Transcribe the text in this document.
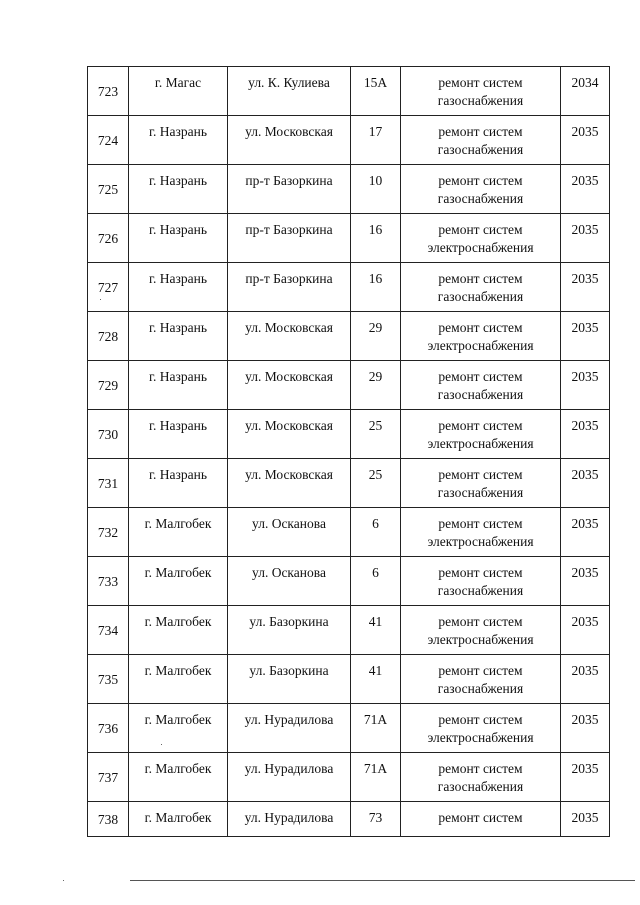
723	г. Магас	ул. К. Кулиева	15А	ремонт систем
газоснабжения	2034

724	г. Назрань	ул. Московская	17	ремонт систем
газоснабжения	2035

725	г. Назрань	пр-т Базоркина	10	ремонт систем
газоснабжения	2035

726	г. Назрань	пр-т Базоркина	16	ремонт систем
электроснабжения	2035

727	г. Назрань	пр-т Базоркина	16	ремонт систем
газоснабжения	2035

728	г. Назрань	ул. Московская	29	ремонт систем
электроснабжения	2035

729	г. Назрань	ул. Московская	29	ремонт систем
газоснабжения	2035

730	г. Назрань	ул. Московская	25	ремонт систем
электроснабжения	2035

731	г. Назрань	ул. Московская	25	ремонт систем
газоснабжения	2035

732	г. Малгобек	ул. Осканова	6	ремонт систем
электроснабжения	2035

733	г. Малгобек	ул. Осканова	6	ремонт систем
газоснабжения	2035

734	г. Малгобек	ул. Базоркина	41	ремонт систем
электроснабжения	2035

735	г. Малгобек	ул. Базоркина	41	ремонт систем
газоснабжения	2035

736	г. Малгобек	ул. Нурадилова	71А	ремонт систем
электроснабжения	2035

737	г. Малгобек	ул. Нурадилова	71А	ремонт систем
газоснабжения	2035

738	г. Малгобек	ул. Нурадилова	73	ремонт систем	2035
